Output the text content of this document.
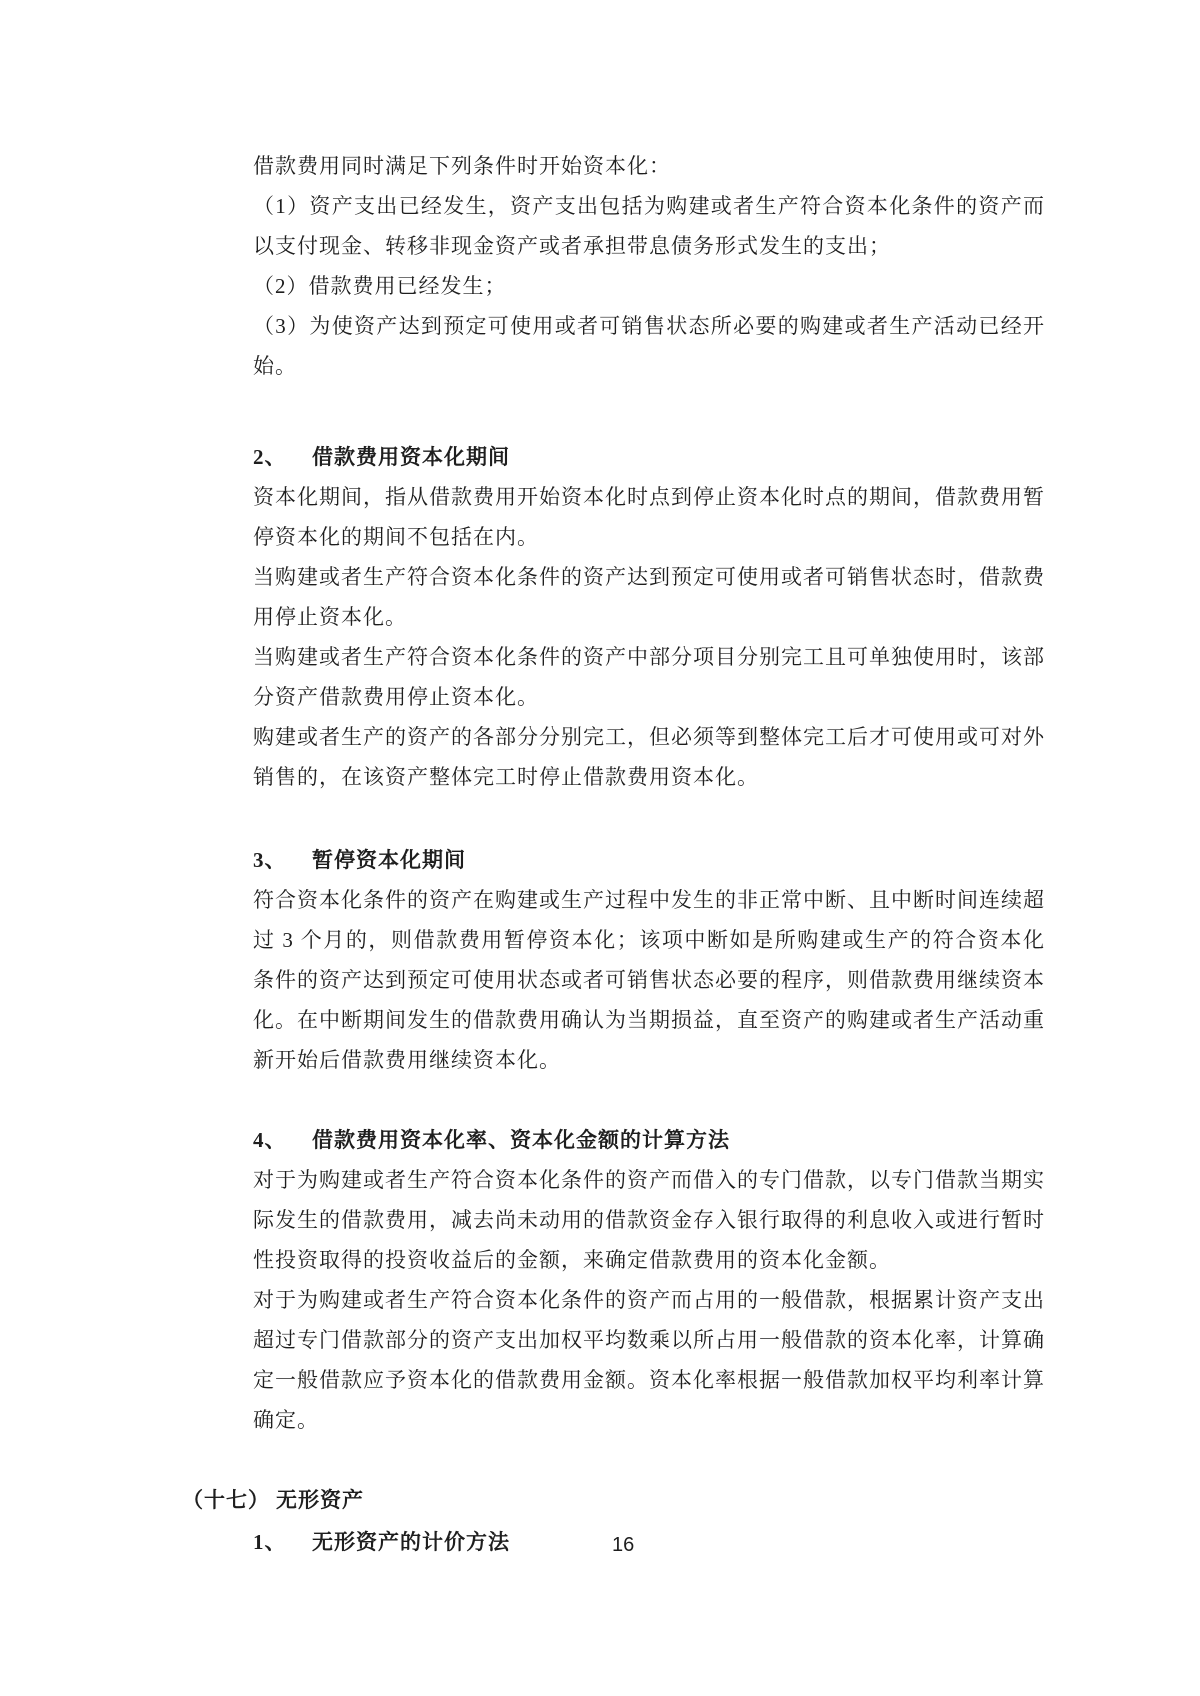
借款费用同时满足下列条件时开始资本化：

（1）资产支出已经发生，资产支出包括为购建或者生产符合资本化条件的资产而以支付现金、转移非现金资产或者承担带息债务形式发生的支出；

（2）借款费用已经发生；

（3）为使资产达到预定可使用或者可销售状态所必要的购建或者生产活动已经开始。

2、	借款费用资本化期间

资本化期间，指从借款费用开始资本化时点到停止资本化时点的期间，借款费用暂停资本化的期间不包括在内。

当购建或者生产符合资本化条件的资产达到预定可使用或者可销售状态时，借款费用停止资本化。

当购建或者生产符合资本化条件的资产中部分项目分别完工且可单独使用时，该部分资产借款费用停止资本化。

购建或者生产的资产的各部分分别完工，但必须等到整体完工后才可使用或可对外销售的，在该资产整体完工时停止借款费用资本化。

3、	暂停资本化期间

符合资本化条件的资产在购建或生产过程中发生的非正常中断、且中断时间连续超过 3 个月的，则借款费用暂停资本化；该项中断如是所购建或生产的符合资本化条件的资产达到预定可使用状态或者可销售状态必要的程序，则借款费用继续资本化。在中断期间发生的借款费用确认为当期损益，直至资产的购建或者生产活动重新开始后借款费用继续资本化。

4、	借款费用资本化率、资本化金额的计算方法

对于为购建或者生产符合资本化条件的资产而借入的专门借款，以专门借款当期实际发生的借款费用，减去尚未动用的借款资金存入银行取得的利息收入或进行暂时性投资取得的投资收益后的金额，来确定借款费用的资本化金额。

对于为购建或者生产符合资本化条件的资产而占用的一般借款，根据累计资产支出超过专门借款部分的资产支出加权平均数乘以所占用一般借款的资本化率，计算确定一般借款应予资本化的借款费用金额。资本化率根据一般借款加权平均利率计算确定。

（十七） 无形资产
1、	无形资产的计价方法	16
